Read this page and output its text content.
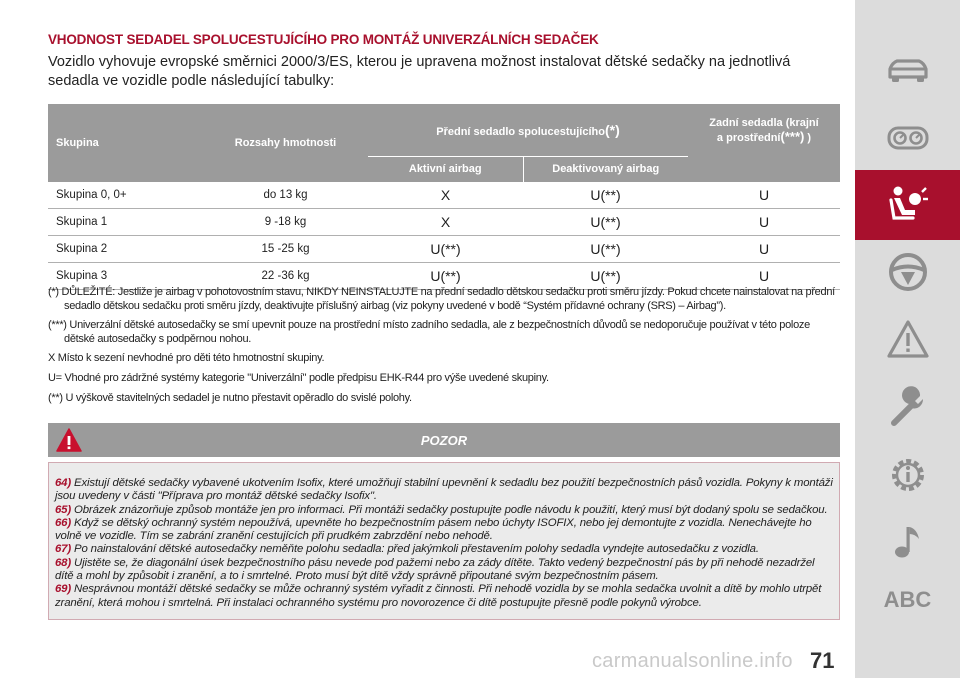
VHODNOST SEDADEL SPOLUCESTUJÍCÍHO PRO MONTÁŽ UNIVERZÁLNÍCH SEDAČEK
Vozidlo vyhovuje evropské směrnici 2000/3/ES, kterou je upravena možnost instalovat dětské sedačky na jednotlivá sedadla ve vozidle podle následující tabulky:
Skupina	Rozsahy hmotnosti	Přední sedadlo spolucestujícího(*)		Zadní sedadla (krajní
a prostřední(***) )
		Aktivní airbag	Deaktivovaný airbag	
Skupina 0, 0+	do 13 kg	X	U(**)	U
Skupina 1	9 -18 kg	X	U(**)	U
Skupina 2	15 -25 kg	U(**)	U(**)	U
Skupina 3	22 -36 kg	U(**)	U(**)	U

(*) DŮLEŽITÉ: Jestliže je airbag v pohotovostním stavu, NIKDY NEINSTALUJTE na přední sedadlo dětskou sedačku proti směru jízdy. Pokud chcete nainstalovat na přední sedadlo dětskou sedačku proti směru jízdy, deaktivujte příslušný airbag (viz pokyny uvedené v bodě “Systém přídavné ochrany (SRS) – Airbag”).

(***) Univerzální dětské autosedačky se smí upevnit pouze na prostřední místo zadního sedadla, ale z bezpečnostních důvodů se nedoporučuje používat v této poloze dětské autosedačky s podpěrnou nohou.

X Místo k sezení nevhodné pro děti této hmotnostní skupiny.

U= Vhodné pro zádržné systémy kategorie "Univerzální" podle předpisu EHK-R44 pro výše uvedené skupiny.

(**) U výškově stavitelných sedadel je nutno přestavit opěradlo do svislé polohy.

POZOR

64) Existují dětské sedačky vybavené ukotvením Isofix, které umožňují stabilní upevnění k sedadlu bez použití bezpečnostních pásů vozidla. Pokyny k montáži jsou uvedeny v části "Příprava pro montáž dětské sedačky Isofix".

65) Obrázek znázorňuje způsob montáže jen pro informaci. Při montáži sedačky postupujte podle návodu k použití, který musí být dodaný spolu se sedačkou.

66) Když se dětský ochranný systém nepoužívá, upevněte ho bezpečnostním pásem nebo úchyty ISOFIX, nebo jej demontujte z vozidla. Nenechávejte ho volně ve vozidle. Tím se zabrání zranění cestujících při prudkém zabrzdění nebo nehodě.

67) Po nainstalování dětské autosedačky neměňte polohu sedadla: před jakýmkoli přestavením polohy sedadla vyndejte autosedačku z vozidla.

68) Ujistěte se, že diagonální úsek bezpečnostního pásu nevede pod pažemi nebo za zády dítěte. Takto vedený bezpečnostní pás by při nehodě nezadržel dítě a mohl by způsobit i zranění, a to i smrtelné. Proto musí být dítě vždy správně připoutané svým bezpečnostním pásem.

69) Nesprávnou montáží dětské sedačky se může ochranný systém vyřadit z činnosti. Při nehodě vozidla by se mohla sedačka uvolnit a dítě by mohlo utrpět zranění, která mohou i smrtelná. Při instalaci ochranného systému pro novorozence či dítě postupujte přesně podle pokynů výrobce.

carmanualsonline.info 71
ABC
